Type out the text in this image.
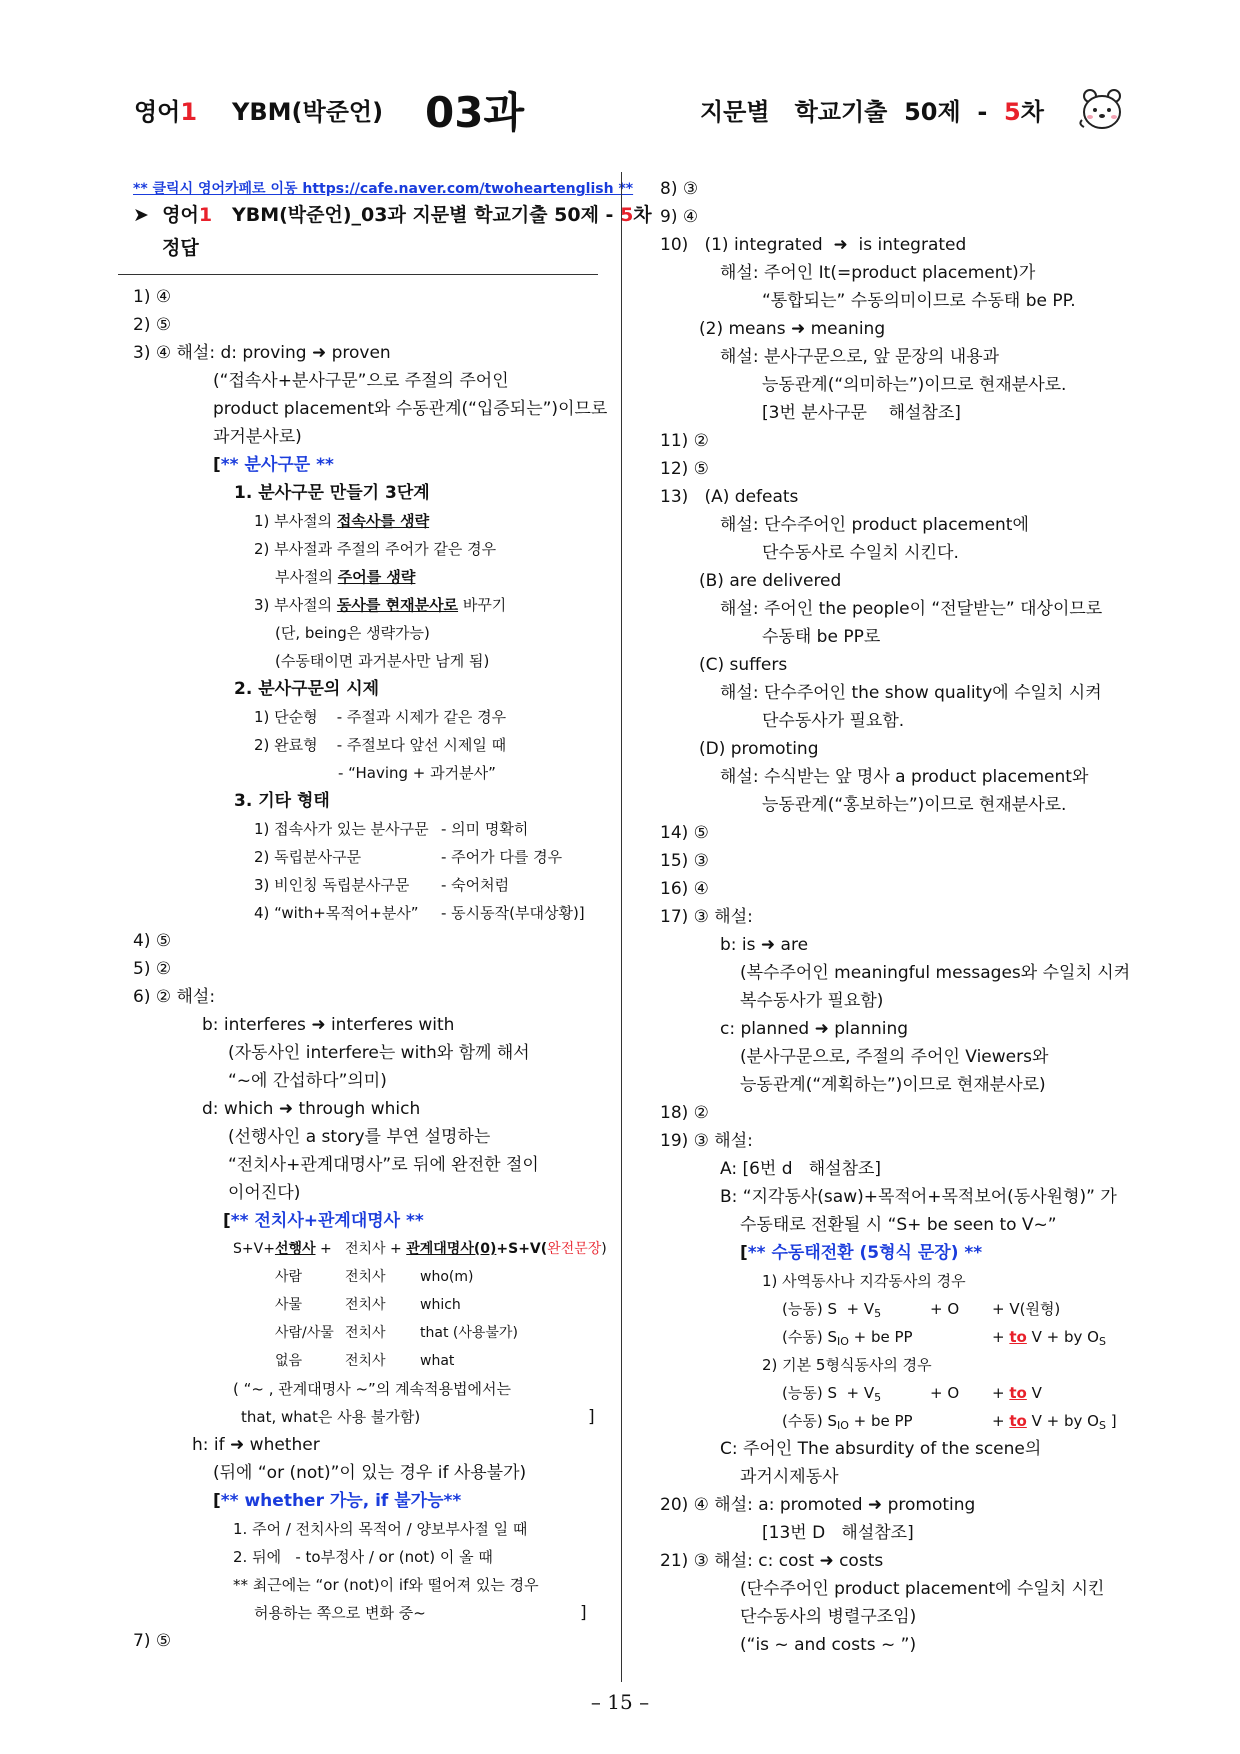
영어1 YBM(박준언) 03과	지문별   학교기출  50제  -  5차
** 클릭시 영어카페로 이동 https://cafe.naver.com/twoheartenglish **
➤ 영어1   YBM(박준언)_03과 지문별 학교기출 50제 - 5차
정답
1) ④
2) ⑤
3) ④ 해설: d: proving ➜ proven
(“접속사+분사구문”으로 주절의 주어인
product placement와 수동관계(“입증되는”)이므로
과거분사로)
[** 분사구문 **
1. 분사구문 만들기 3단계
1) 부사절의 접속사를 생략
2) 부사절과 주절의 주어가 같은 경우
부사절의 주어를 생략
3) 부사절의 동사를 현재분사로 바꾸기
(단, being은 생략가능)
(수동태이면 과거분사만 남게 됨)
2. 분사구문의 시제
1) 단순형    - 주절과 시제가 같은 경우
2) 완료형    - 주절보다 앞선 시제일 때
- “Having + 과거분사”
3. 기타 형태
1) 접속사가 있는 분사구문 - 의미 명확히
2) 독립분사구문	- 주어가 다를 경우
3) 비인칭 독립분사구문 - 숙어처럼
4) “with+목적어+분사” - 동시동작(부대상황)]
4) ⑤
5) ②
6) ② 해설:
b: interferes ➜ interferes with
(자동사인 interfere는 with와 함께 해서
“~에 간섭하다”의미)
d: which ➜ through which
(선행사인 a story를 부연 설명하는
“전치사+관계대명사”로 뒤에 완전한 절이
이어진다)
[** 전치사+관계대명사 **
S+V+선행사 + 전치사 + 관계대명사(0)+S+V(완전문장)
사람	전치사 who(m)
사물	전치사 which
사람/사물 전치사 that (사용불가)
없음	전치사 what
( “~ , 관계대명사 ~”의 계속적용법에서는
that, what은 사용 불가함)	]
h: if ➜ whether
(뒤에 “or (not)”이 있는 경우 if 사용불가)
[** whether 가능, if 불가능**
1. 주어 / 전치사의 목적어 / 양보부사절 일 때
2. 뒤에   - to부정사 / or (not) 이 올 때
** 최근에는 “or (not)이 if와 떨어져 있는 경우
허용하는 쪽으로 변화 중~	]
7) ⑤
8) ③
9) ④
10)   (1) integrated  ➜  is integrated
해설: 주어인 It(=product placement)가
“통합되는” 수동의미이므로 수동태 be PP.
(2) means ➜ meaning
해설: 분사구문으로, 앞 문장의 내용과
능동관계(“의미하는”)이므로 현재분사로.
[3번 분사구문    해설참조]
11) ②
12) ⑤
13)   (A) defeats
해설: 단수주어인 product placement에
단수동사로 수일치 시킨다.
(B) are delivered
해설: 주어인 the people이 “전달받는” 대상이므로
수동태 be PP로
(C) suffers
해설: 단수주어인 the show quality에 수일치 시켜
단수동사가 필요함.
(D) promoting
해설: 수식받는 앞 명사 a product placement와
능동관계(“홍보하는”)이므로 현재분사로.
14) ⑤
15) ③
16) ④
17) ③ 해설:
b: is ➜ are
(복수주어인 meaningful messages와 수일치 시켜
복수동사가 필요함)
c: planned ➜ planning
(분사구문으로, 주절의 주어인 Viewers와
능동관계(“계획하는”)이므로 현재분사로)
18) ②
19) ③ 해설:
A: [6번 d   해설참조]
B: “지각동사(saw)+목적어+목적보어(동사원형)” 가
수동태로 전환될 시 “S+ be seen to V~”
[** 수동태전환 (5형식 문장) **
1) 사역동사나 지각동사의 경우
(능동) $S + V_5$	+ O + V(원형)
(수동) $S_{IO}$ + be PP	+ to V + by $O_S$
2) 기본 5형식동사의 경우
(능동) $S + V_5$	+ O + to V
(수동) $S_{IO}$ + be PP	+ to V + by $O_S$ ]
C: 주어인 The absurdity of the scene의
과거시제동사
20) ④ 해설: a: promoted ➜ promoting
[13번 D   해설참조]
21) ③ 해설: c: cost ➜ costs
(단수주어인 product placement에 수일치 시킨
단수동사의 병렬구조임)
(“is ~ and costs ~ ”)
– 15 –
